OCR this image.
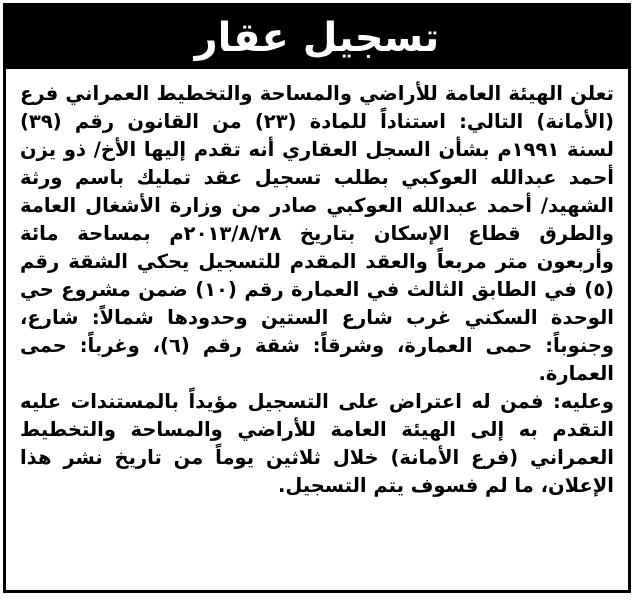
تسجيل عقار

تعلن الهيئة العامة للأراضي والمساحة والتخطيط العمراني فرع (الأمانة) التالي: استناداً للمادة (٢٣) من القانون رقم (٣٩) لسنة ١٩٩١م بشأن السجل العقاري أنه تقدم إليها الأخ/ ذو يزن أحمد عبدالله العوكبي بطلب تسجيل عقد تمليك باسم ورثة الشهيد/ أحمد عبدالله العوكبي صادر من وزارة الأشغال العامة والطرق قطاع الإسكان بتاريخ ٢٠١٣/٨/٢٨م بمساحة مائة وأربعون متر مربعاً والعقد المقدم للتسجيل يحكي الشقة رقم (٥) في الطابق الثالث في العمارة رقم (١٠) ضمن مشروع حي الوحدة السكني غرب شارع الستين وحدودها شمالاً: شارع، وجنوباً: حمى العمارة، وشرقاً: شقة رقم (٦)، وغرباً: حمى العمارة.

وعليه: فمن له اعتراض على التسجيل مؤيداً بالمستندات عليه التقدم به إلى الهيئة العامة للأراضي والمساحة والتخطيط العمراني (فرع الأمانة) خلال ثلاثين يوماً من تاريخ نشر هذا الإعلان، ما لم فسوف يتم التسجيل.
